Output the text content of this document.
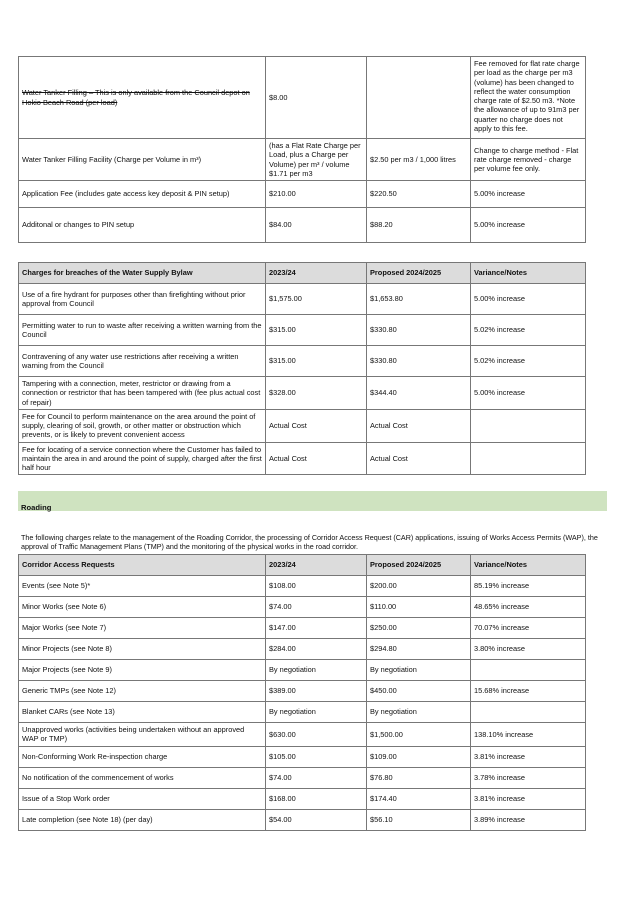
Water Tanker Filling – This is only available from the Council depot on Hokio Beach Road (per load)	$8.00		Fee removed for flat rate charge per load as the charge per m3 (volume) has been changed to reflect the water consumption charge rate of $2.50 m3. *Note the allowance of up to 91m3 per quarter no charge does not apply to this fee.
Water Tanker Filling Facility (Charge per Volume in m³)	(has a Flat Rate Charge per Load, plus a Charge per Volume) per m³ / volume $1.71 per m3	$2.50 per m3 / 1,000 litres	Change to charge method - Flat rate charge removed - charge per volume fee only.
Application Fee (includes gate access key deposit & PIN setup)	$210.00	$220.50	5.00% increase
Additonal or changes to PIN setup	$84.00	$88.20	5.00% increase
Charges for breaches of the Water Supply Bylaw	2023/24	Proposed 2024/2025	Variance/Notes
Use of a fire hydrant for purposes other than firefighting without prior approval from Council	$1,575.00	$1,653.80	5.00% increase
Permitting water to run to waste after receiving a written warning from the Council	$315.00	$330.80	5.02% increase
Contravening of any water use restrictions after receiving a written warning from the Council	$315.00	$330.80	5.02% increase
Tampering with a connection, meter, restrictor or drawing from a connection or restrictor that has been tampered with (fee plus actual cost of repair)	$328.00	$344.40	5.00% increase
Fee for Council to perform maintenance on the area around the point of supply, clearing of soil, growth, or other matter or obstruction which prevents, or is likely to prevent convenient access	Actual Cost	Actual Cost	
Fee for locating of a service connection where the Customer has failed to maintain the area in and around the point of supply, charged after the first half hour	Actual Cost	Actual Cost	
Roading
The following charges relate to the management of the Roading Corridor, the processing of Corridor Access Request (CAR) applications, issuing of Works Access Permits (WAP), the approval of Traffic Management Plans (TMP) and the monitoring of the physical works in the road corridor.
Corridor Access Requests	2023/24	Proposed 2024/2025	Variance/Notes
Events (see Note 5)*	$108.00	$200.00	85.19% increase
Minor Works (see Note 6)	$74.00	$110.00	48.65% increase
Major Works (see Note 7)	$147.00	$250.00	70.07% increase
Minor Projects (see Note 8)	$284.00	$294.80	3.80% increase
Major Projects (see Note 9)	By negotiation	By negotiation	
Generic TMPs (see Note 12)	$389.00	$450.00	15.68% increase
Blanket CARs (see Note 13)	By negotiation	By negotiation	
Unapproved works (activities being undertaken without an approved WAP or TMP)	$630.00	$1,500.00	138.10% increase
Non-Conforming Work Re-inspection charge	$105.00	$109.00	3.81% increase
No notification of the commencement of works	$74.00	$76.80	3.78% increase
Issue of a Stop Work order	$168.00	$174.40	3.81% increase
Late completion (see Note 18) (per day)	$54.00	$56.10	3.89% increase
